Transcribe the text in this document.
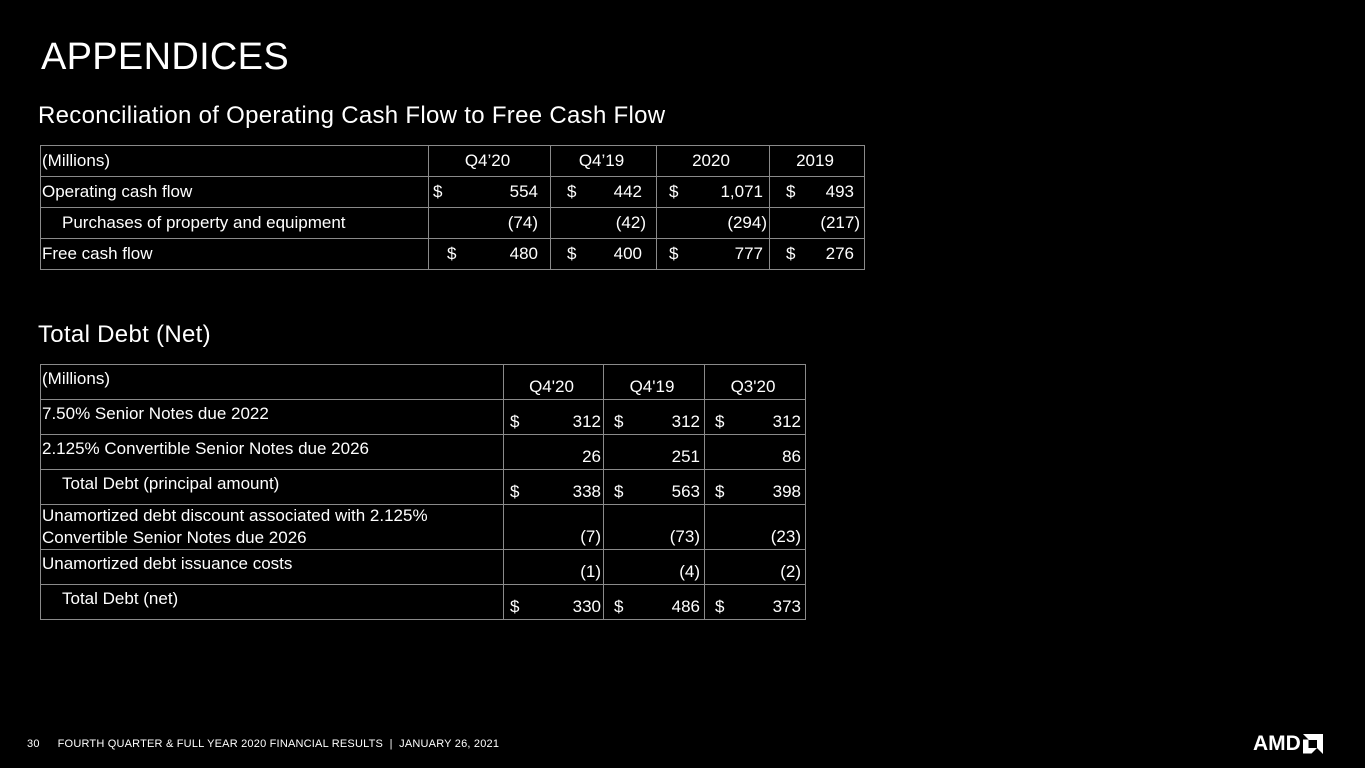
APPENDICES
Reconciliation of Operating Cash Flow to Free Cash Flow
(Millions)	Q4’20	Q4’19	2020	2019
Operating cash flow	$ 554	$ 442	$ 1,071	$ 493

Purchases of property and equipment	(74)	(42)	(294)	(217)

Free cash flow	$ 480	$ 400	$ 777	$ 276
Total Debt (Net)
(Millions)	Q4'20	Q4'19	Q3'20
7.50% Senior Notes due 2022	$ 312	$ 312	$ 312

2.125% Convertible Senior Notes due 2026	26	251	86

Total Debt (principal amount)	$ 338	$ 563	$ 398

Unamortized debt discount associated with 2.125%
Convertible Senior Notes due 2026	(7)	(73)	(23)

Unamortized debt issuance costs	(1)	(4)	(2)

Total Debt (net)	$ 330	$ 486	$ 373
30 FOURTH QUARTER & FULL YEAR 2020 FINANCIAL RESULTS  |  JANUARY 26, 2021	AMD
